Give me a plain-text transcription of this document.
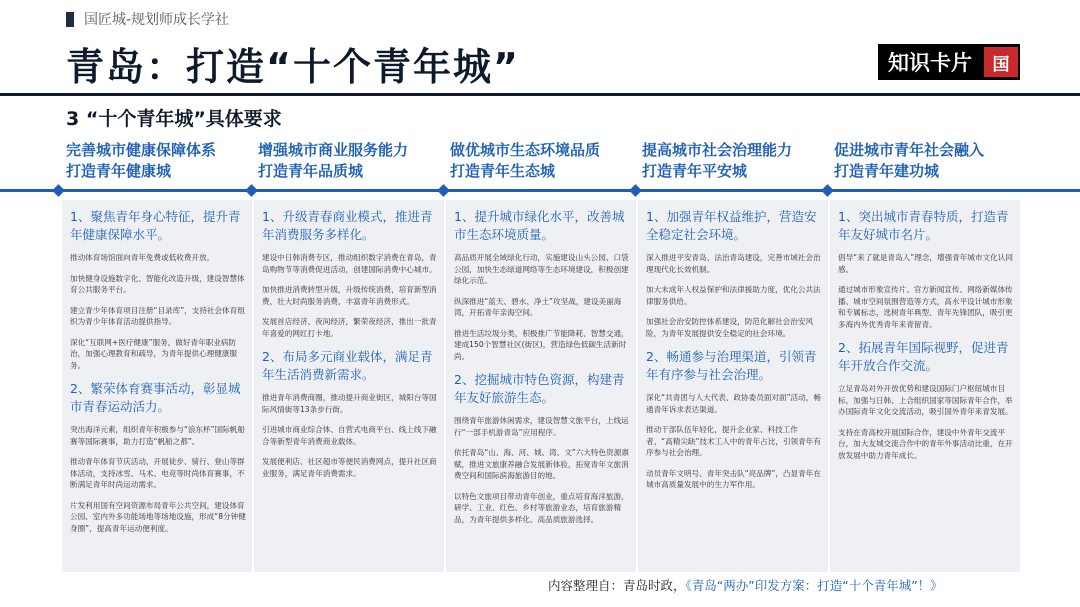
国匠城-规划师成长学社
青岛：打造“十个青年城”	知识卡片	国
3 “十个青年城”具体要求
完善城市健康保障体系
打造青年健康城
1、聚焦青年身心特征，提升青年健康保障水平。
推动体育场馆面向青年免费或低收费开放。
加快健身设施数字化、智能化改造升级，建设智慧体育公共服务平台。
建立青少年体育项目注册“目录库”，支持社会体育组织为青少年体育活动提供指导。
深化“互联网+医疗健康”服务，做好青年职业病防治，加强心理教育和疏导，为青年提供心理健康服务。
2、繁荣体育赛事活动，彰显城市青春运动活力。
突出海洋元素，组织青年积极参与“浪东杯”国际帆船赛等国际赛事，助力打造“帆船之都”。
推动青年体育节庆活动，开展徒步、骑行、登山等群体活动，支持冰雪、马术、电竞等时尚体育赛事，不断满足青年时尚运动需求。
片发利用国有空间资源布局青年公共空间，建设体育公园、室内外多功能场地等场地设施，形成“8分钟健身圈”，提高青年运动便利度。
增强城市商业服务能力
打造青年品质城
1、升级青春商业模式，推进青年消费服务多样化。
建设中日韩消费专区，推动组织数字消费在青岛，青岛购物节等消费促进活动，创建国际消费中心城市。
加快推进消费转型升级，升级传统消费，培育新型消费，壮大时尚服务消费，丰富青年消费形式。
发展首店经济、夜间经济，繁荣夜经济，推出一批青年喜爱的网红打卡地。
2、布局多元商业载体，满足青年生活消费新需求。
推进青年消费商圈，推动提升商业街区，城阳台等国际风情街等13条步行街。
引进城市商业综合体、自营式电商平台、线上线下融合等新型青年消费商业载体。
发展便利店、社区超市等便民消费网点，提升社区商业服务，满足青年消费需求。
做优城市生态环境品质
打造青年生态城
1、提升城市绿化水平，改善城市生态环境质量。
高品质开展全域绿化行动，实施建设山头公园、口袋公园，加快生态绿道网络等生态环境建设，积极创建绿化示范。
纵深推进“蓝天、碧水、净土”攻坚战，建设美丽海湾，开拓青年亲海空间。
推进生活垃圾分类，积极推广节能降耗、智慧交通，建成150个智慧社区(街区)，营造绿色低碳生活新时尚。
2、挖掘城市特色资源，构建青年友好旅游生态。
围绕青年旅游休闲需求，建设智慧文旅平台，上线运行“一部手机游青岛”应用程序。
依托青岛“山、海、河、城、湾、文”六大特色资源禀赋，推进文旅康养融合发展新体验，拓宽青年文旅消费空间和国际滨海旅游目的地。
以特色文旅项目带动青年创业，重点培育海洋旅游、研学、工业、红色、乡村等旅游业态，培育旅游精品，为青年提供多样化、高品质旅游选择。
提高城市社会治理能力
打造青年平安城
1、加强青年权益维护，营造安全稳定社会环境。
深入推进平安青岛、法治青岛建设，完善市域社会治理现代化长效机制。
加大未成年人权益保护和法律援助力度，优化公共法律服务供给。
加强社会治安防控体系建设，防范化解社会治安风险，为青年发展提供安全稳定的社会环境。
2、畅通参与治理渠道，引领青年有序参与社会治理。
深化“共青团与人大代表、政协委员面对面”活动，畅通青年诉求表达渠道。
推动干部队伍年轻化，提升企业家、科技工作者、“高精尖缺”技术工人中的青年占比，引领青年有序参与社会治理。
动员青年文明号、青年突击队“亮品牌”，凸显青年在城市高质量发展中的生力军作用。
促进城市青年社会融入
打造青年建功城
1、突出城市青春特质，打造青年友好城市名片。
倡导“来了就是青岛人”理念，增强青年城市文化认同感。
通过城市形象宣传片、官方新闻宣传、网络新媒体传播、城市空间氛围营造等方式，高水平设计城市形象和专属标志，选树青年典型、青年先锋团队，吸引更多海内外优秀青年来青留青。
2、拓展青年国际视野，促进青年开放合作交流。
立足青岛对外开放优势和建设国际门户枢纽城市目标，加强与日韩、上合组织国家等国际青年合作，举办国际青年文化交流活动，吸引国外青年来青发展。
支持在青高校开展国际合作，建设中外青年交流平台，加大友城交流合作中的青年外事活动比重，在开放发展中助力青年成长。
内容整理自：青岛时政，《青岛“两办”印发方案：打造“十个青年城”！》
